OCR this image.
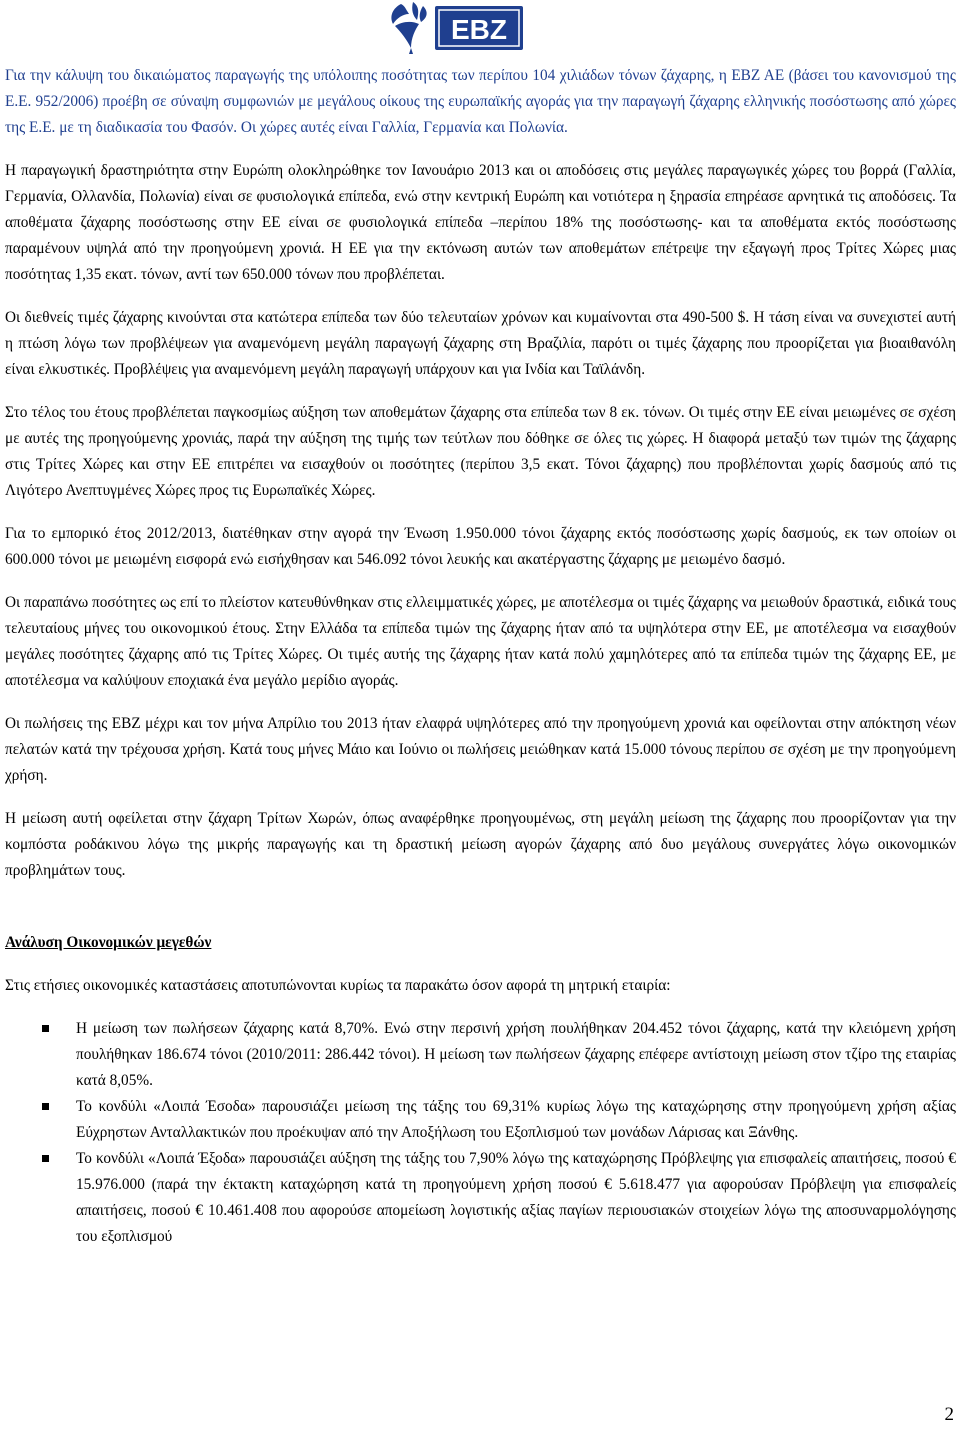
EBZ

Για την κάλυψη του δικαιώματος παραγωγής της υπόλοιπης ποσότητας των περίπου 104 χιλιάδων τόνων ζάχαρης, η ΕΒΖ ΑΕ (βάσει του κανονισμού της Ε.Ε. 952/2006) προέβη σε σύναψη συμφωνιών με μεγάλους οίκους της ευρωπαϊκής αγοράς για την παραγωγή ζάχαρης ελληνικής ποσόστωσης από χώρες της Ε.Ε. με τη διαδικασία του Φασόν. Οι χώρες αυτές είναι Γαλλία, Γερμανία και Πολωνία.

Η παραγωγική δραστηριότητα στην Ευρώπη ολοκληρώθηκε τον Ιανουάριο 2013 και οι αποδόσεις στις μεγάλες παραγωγικές χώρες του βορρά (Γαλλία, Γερμανία, Ολλανδία, Πολωνία) είναι σε φυσιολογικά επίπεδα, ενώ στην κεντρική Ευρώπη και νοτιότερα η ξηρασία επηρέασε αρνητικά τις αποδόσεις. Τα αποθέματα ζάχαρης ποσόστωσης στην ΕΕ είναι σε φυσιολογικά επίπεδα –περίπου 18% της ποσόστωσης- και τα αποθέματα εκτός ποσόστωσης παραμένουν υψηλά από την προηγούμενη χρονιά. Η ΕΕ για την εκτόνωση αυτών των αποθεμάτων επέτρεψε την εξαγωγή προς Τρίτες Χώρες μιας ποσότητας 1,35 εκατ. τόνων, αντί των 650.000 τόνων που προβλέπεται.

Οι διεθνείς τιμές ζάχαρης κινούνται στα κατώτερα επίπεδα των δύο τελευταίων χρόνων και κυμαίνονται στα 490-500 $. Η τάση είναι να συνεχιστεί αυτή η πτώση λόγω των προβλέψεων για αναμενόμενη μεγάλη παραγωγή ζάχαρης στη Βραζιλία, παρότι οι τιμές ζάχαρης που προορίζεται για βιοαιθανόλη είναι ελκυστικές. Προβλέψεις για αναμενόμενη μεγάλη παραγωγή υπάρχουν και για Ινδία και Ταϊλάνδη.

Στο τέλος του έτους προβλέπεται παγκοσμίως αύξηση των αποθεμάτων ζάχαρης στα επίπεδα των 8 εκ. τόνων. Οι τιμές στην ΕΕ είναι μειωμένες σε σχέση με αυτές της προηγούμενης χρονιάς, παρά την αύξηση της τιμής των τεύτλων που δόθηκε σε όλες τις χώρες. Η διαφορά μεταξύ των τιμών της ζάχαρης στις Τρίτες Χώρες και στην ΕΕ επιτρέπει να εισαχθούν οι ποσότητες (περίπου 3,5 εκατ. Τόνοι ζάχαρης) που προβλέπονται χωρίς δασμούς από τις Λιγότερο Ανεπτυγμένες Χώρες προς τις Ευρωπαϊκές Χώρες.

Για το εμπορικό έτος 2012/2013, διατέθηκαν στην αγορά την Ένωση 1.950.000 τόνοι ζάχαρης εκτός ποσόστωσης χωρίς δασμούς, εκ των οποίων οι 600.000 τόνοι με μειωμένη εισφορά ενώ εισήχθησαν και 546.092 τόνοι λευκής και ακατέργαστης ζάχαρης με μειωμένο δασμό.

Οι παραπάνω ποσότητες ως επί το πλείστον κατευθύνθηκαν στις ελλειμματικές χώρες, με αποτέλεσμα οι τιμές ζάχαρης να μειωθούν δραστικά, ειδικά τους τελευταίους μήνες του οικονομικού έτους. Στην Ελλάδα τα επίπεδα τιμών της ζάχαρης ήταν από τα υψηλότερα στην ΕΕ, με αποτέλεσμα να εισαχθούν μεγάλες ποσότητες ζάχαρης από τις Τρίτες Χώρες. Οι τιμές αυτής της ζάχαρης ήταν κατά πολύ χαμηλότερες από τα επίπεδα τιμών της ζάχαρης ΕΕ, με αποτέλεσμα να καλύψουν εποχιακά ένα μεγάλο μερίδιο αγοράς.

Οι πωλήσεις της ΕΒΖ μέχρι και τον μήνα Απρίλιο του 2013 ήταν ελαφρά υψηλότερες από την προηγούμενη χρονιά και οφείλονται στην απόκτηση νέων πελατών κατά την τρέχουσα χρήση. Κατά τους μήνες Μάιο και Ιούνιο οι πωλήσεις μειώθηκαν κατά 15.000 τόνους περίπου σε σχέση με την προηγούμενη χρήση.

Η μείωση αυτή οφείλεται στην ζάχαρη Τρίτων Χωρών, όπως αναφέρθηκε προηγουμένως, στη μεγάλη μείωση της ζάχαρης που προορίζονταν για την κομπόστα ροδάκινου λόγω της μικρής παραγωγής και τη δραστική μείωση αγορών ζάχαρης από δυο μεγάλους συνεργάτες λόγω οικονομικών προβλημάτων τους.

Ανάλυση Οικονομικών μεγεθών

Στις ετήσιες οικονομικές καταστάσεις αποτυπώνονται κυρίως τα παρακάτω όσον αφορά τη μητρική εταιρία:

Η μείωση των πωλήσεων ζάχαρης κατά 8,70%. Ενώ στην περσινή χρήση πουλήθηκαν 204.452 τόνοι ζάχαρης, κατά την κλειόμενη χρήση πουλήθηκαν 186.674 τόνοι (2010/2011: 286.442 τόνοι). Η μείωση των πωλήσεων ζάχαρης επέφερε αντίστοιχη μείωση στον τζίρο της εταιρίας κατά 8,05%.
Το κονδύλι «Λοιπά Έσοδα» παρουσιάζει μείωση της τάξης του 69,31% κυρίως λόγω της καταχώρησης στην προηγούμενη χρήση αξίας Εύχρηστων Ανταλλακτικών που προέκυψαν από την Αποξήλωση του Εξοπλισμού των μονάδων Λάρισας και Ξάνθης.
Το κονδύλι «Λοιπά Έξοδα» παρουσιάζει αύξηση της τάξης του 7,90% λόγω της καταχώρησης Πρόβλεψης για επισφαλείς απαιτήσεις, ποσού € 15.976.000 (παρά την έκτακτη καταχώρηση κατά τη προηγούμενη χρήση ποσού € 5.618.477 για αφορούσαν Πρόβλεψη για επισφαλείς απαιτήσεις, ποσού € 10.461.408 που αφορούσε απομείωση λογιστικής αξίας παγίων περιουσιακών στοιχείων λόγω της αποσυναρμολόγησης του εξοπλισμού
2
